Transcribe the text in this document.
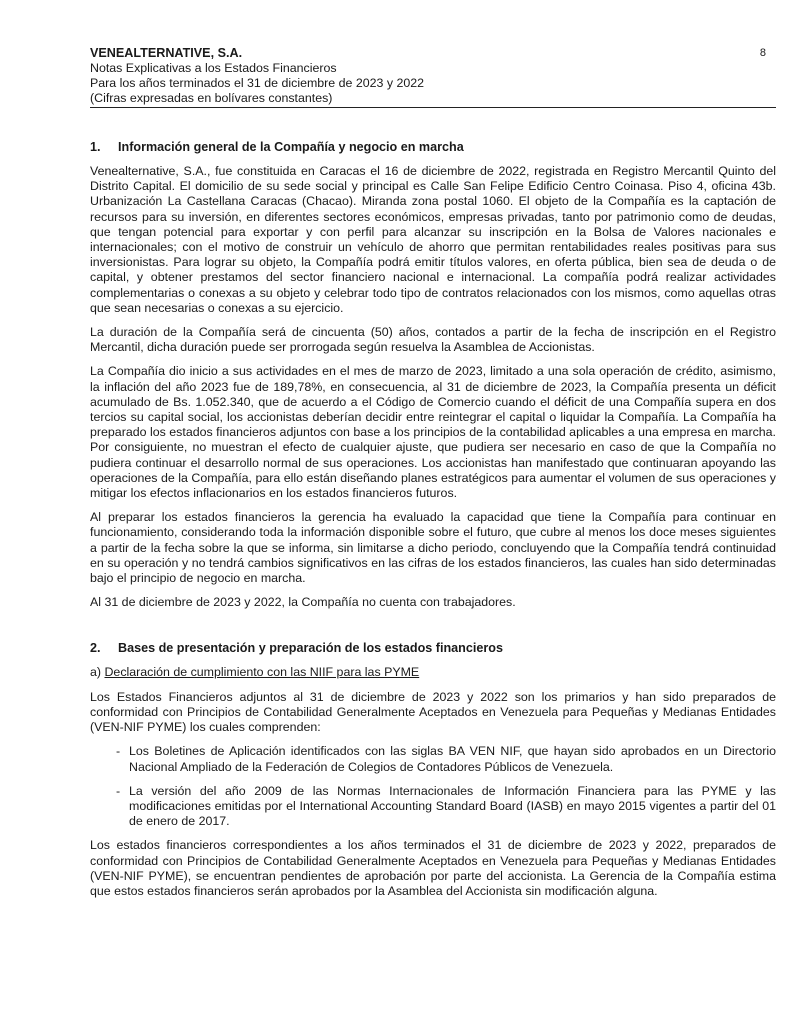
VENEALTERNATIVE, S.A.
Notas Explicativas a los Estados Financieros
Para los años terminados el 31 de diciembre de 2023 y 2022
(Cifras expresadas en bolívares constantes)
8
1. Información general de la Compañía y negocio en marcha

Venealternative, S.A., fue constituida en Caracas el 16 de diciembre de 2022, registrada en Registro Mercantil Quinto del Distrito Capital. El domicilio de su sede social y principal es Calle San Felipe Edificio Centro Coinasa. Piso 4, oficina 43b. Urbanización La Castellana Caracas (Chacao). Miranda zona postal 1060. El objeto de la Compañía es la captación de recursos para su inversión, en diferentes sectores económicos, empresas privadas, tanto por patrimonio como de deudas, que tengan potencial para exportar y con perfil para alcanzar su inscripción en la Bolsa de Valores nacionales e internacionales; con el motivo de construir un vehículo de ahorro que permitan rentabilidades reales positivas para sus inversionistas. Para lograr su objeto, la Compañía podrá emitir títulos valores, en oferta pública, bien sea de deuda o de capital, y obtener prestamos del sector financiero nacional e internacional. La compañía podrá realizar actividades complementarias o conexas a su objeto y celebrar todo tipo de contratos relacionados con los mismos, como aquellas otras que sean necesarias o conexas a su ejercicio.

La duración de la Compañía será de cincuenta (50) años, contados a partir de la fecha de inscripción en el Registro Mercantil, dicha duración puede ser prorrogada según resuelva la Asamblea de Accionistas.

La Compañía dio inicio a sus actividades en el mes de marzo de 2023, limitado a una sola operación de crédito, asimismo, la inflación del año 2023 fue de 189,78%, en consecuencia, al 31 de diciembre de 2023, la Compañía presenta un déficit acumulado de Bs. 1.052.340, que de acuerdo a el Código de Comercio cuando el déficit de una Compañía supera en dos tercios su capital social, los accionistas deberían decidir entre reintegrar el capital o liquidar la Compañía. La Compañía ha preparado los estados financieros adjuntos con base a los principios de la contabilidad aplicables a una empresa en marcha. Por consiguiente, no muestran el efecto de cualquier ajuste, que pudiera ser necesario en caso de que la Compañía no pudiera continuar el desarrollo normal de sus operaciones. Los accionistas han manifestado que continuaran apoyando las operaciones de la Compañía, para ello están diseñando planes estratégicos para aumentar el volumen de sus operaciones y mitigar los efectos inflacionarios en los estados financieros futuros.

Al preparar los estados financieros la gerencia ha evaluado la capacidad que tiene la Compañía para continuar en funcionamiento, considerando toda la información disponible sobre el futuro, que cubre al menos los doce meses siguientes a partir de la fecha sobre la que se informa, sin limitarse a dicho periodo, concluyendo que la Compañía tendrá continuidad en su operación y no tendrá cambios significativos en las cifras de los estados financieros, las cuales han sido determinadas bajo el principio de negocio en marcha.

Al 31 de diciembre de 2023 y 2022, la Compañía no cuenta con trabajadores.

2. Bases de presentación y preparación de los estados financieros

a) Declaración de cumplimiento con las NIIF para las PYME

Los Estados Financieros adjuntos al 31 de diciembre de 2023 y 2022 son los primarios y han sido preparados de conformidad con Principios de Contabilidad Generalmente Aceptados en Venezuela para Pequeñas y Medianas Entidades (VEN-NIF PYME) los cuales comprenden:

- Los Boletines de Aplicación identificados con las siglas BA VEN NIF, que hayan sido aprobados en un Directorio Nacional Ampliado de la Federación de Colegios de Contadores Públicos de Venezuela.
- La versión del año 2009 de las Normas Internacionales de Información Financiera para las PYME y las modificaciones emitidas por el International Accounting Standard Board (IASB) en mayo 2015 vigentes a partir del 01 de enero de 2017.

Los estados financieros correspondientes a los años terminados el 31 de diciembre de 2023 y 2022, preparados de conformidad con Principios de Contabilidad Generalmente Aceptados en Venezuela para Pequeñas y Medianas Entidades (VEN-NIF PYME), se encuentran pendientes de aprobación por parte del accionista. La Gerencia de la Compañía estima que estos estados financieros serán aprobados por la Asamblea del Accionista sin modificación alguna.
